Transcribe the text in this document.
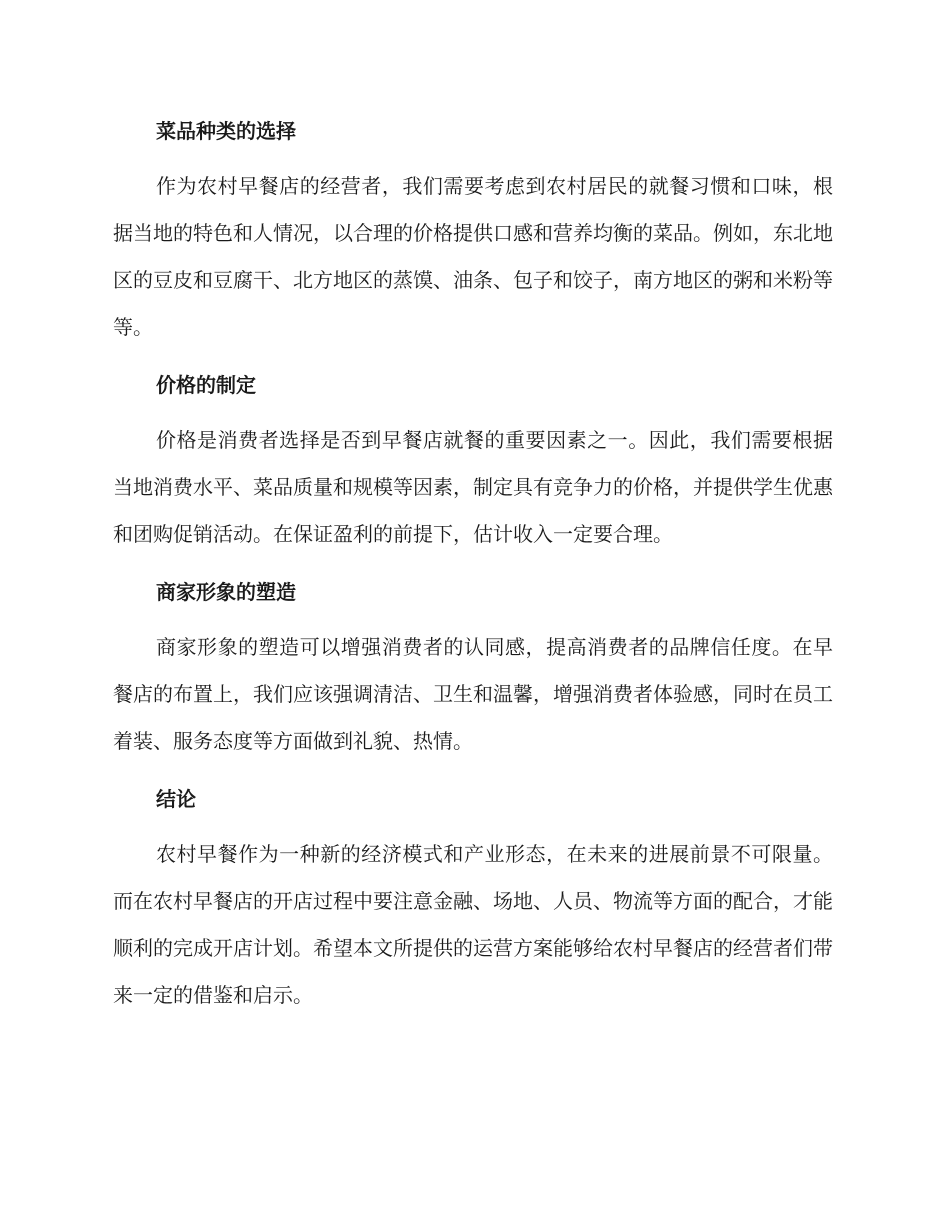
菜品种类的选择

作为农村早餐店的经营者，我们需要考虑到农村居民的就餐习惯和口味，根据当地的特色和人情况，以合理的价格提供口感和营养均衡的菜品。例如，东北地区的豆皮和豆腐干、北方地区的蒸馍、油条、包子和饺子，南方地区的粥和米粉等等。

价格的制定

价格是消费者选择是否到早餐店就餐的重要因素之一。因此，我们需要根据当地消费水平、菜品质量和规模等因素，制定具有竞争力的价格，并提供学生优惠和团购促销活动。在保证盈利的前提下，估计收入一定要合理。

商家形象的塑造

商家形象的塑造可以增强消费者的认同感，提高消费者的品牌信任度。在早餐店的布置上，我们应该强调清洁、卫生和温馨，增强消费者体验感，同时在员工着装、服务态度等方面做到礼貌、热情。

结论

农村早餐作为一种新的经济模式和产业形态，在未来的进展前景不可限量。而在农村早餐店的开店过程中要注意金融、场地、人员、物流等方面的配合，才能顺利的完成开店计划。希望本文所提供的运营方案能够给农村早餐店的经营者们带来一定的借鉴和启示。
